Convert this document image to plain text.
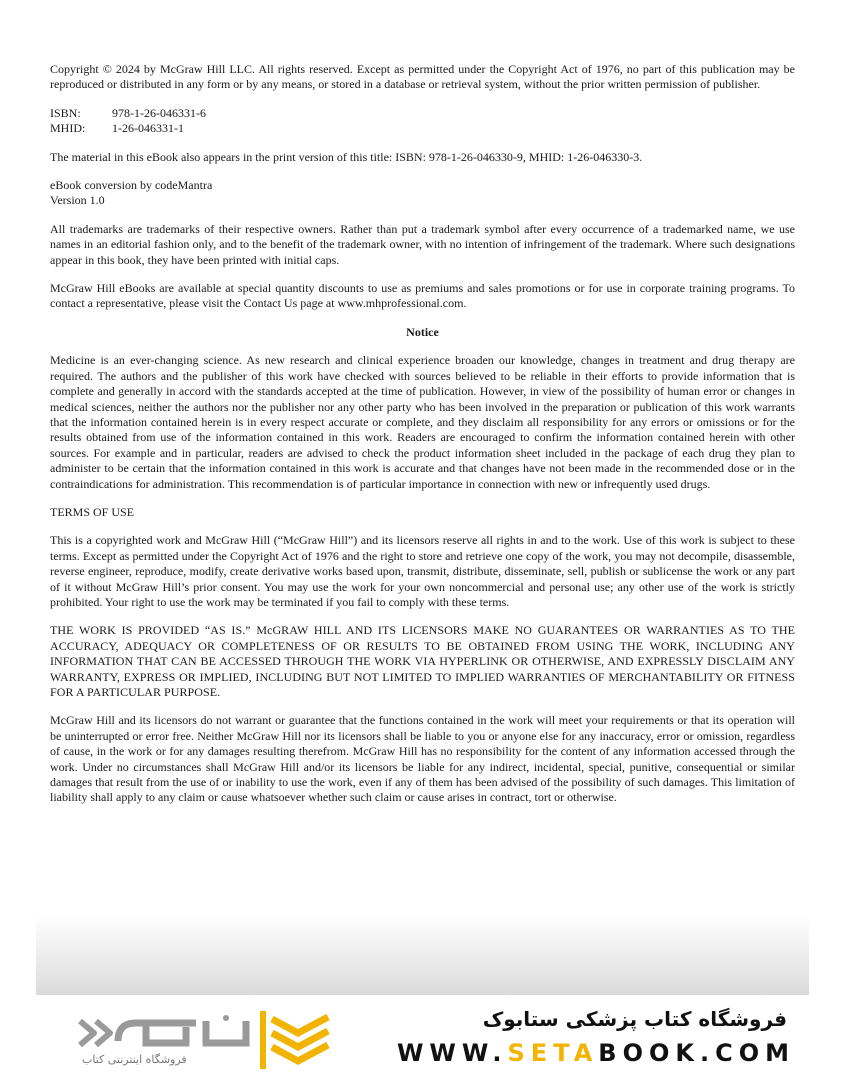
Copyright © 2024 by McGraw Hill LLC. All rights reserved. Except as permitted under the Copyright Act of 1976, no part of this publication may be reproduced or distributed in any form or by any means, or stored in a database or retrieval system, without the prior written permission of publisher.

ISBN:	978-1-26-046331-6
MHID:	1-26-046331-1

The material in this eBook also appears in the print version of this title: ISBN: 978-1-26-046330-9, MHID: 1-26-046330-3.

eBook conversion by codeMantra

Version 1.0

All trademarks are trademarks of their respective owners. Rather than put a trademark symbol after every occurrence of a trademarked name, we use names in an editorial fashion only, and to the benefit of the trademark owner, with no intention of infringement of the trademark. Where such designations appear in this book, they have been printed with initial caps.

McGraw Hill eBooks are available at special quantity discounts to use as premiums and sales promotions or for use in corporate training programs. To contact a representative, please visit the Contact Us page at www.mhprofessional.com.

Notice

Medicine is an ever-changing science. As new research and clinical experience broaden our knowledge, changes in treatment and drug therapy are required. The authors and the publisher of this work have checked with sources believed to be reliable in their efforts to provide information that is complete and generally in accord with the standards accepted at the time of publication. However, in view of the possibility of human error or changes in medical sciences, neither the authors nor the publisher nor any other party who has been involved in the preparation or publication of this work warrants that the information contained herein is in every respect accurate or complete, and they disclaim all responsibility for any errors or omissions or for the results obtained from use of the information contained in this work. Readers are encouraged to confirm the information contained herein with other sources. For example and in particular, readers are advised to check the product information sheet included in the package of each drug they plan to administer to be certain that the information contained in this work is accurate and that changes have not been made in the recommended dose or in the contraindications for administration. This recommendation is of particular importance in connection with new or infrequently used drugs.

TERMS OF USE

This is a copyrighted work and McGraw Hill (“McGraw Hill”) and its licensors reserve all rights in and to the work. Use of this work is subject to these terms. Except as permitted under the Copyright Act of 1976 and the right to store and retrieve one copy of the work, you may not decompile, disassemble, reverse engineer, reproduce, modify, create derivative works based upon, transmit, distribute, disseminate, sell, publish or sublicense the work or any part of it without McGraw Hill’s prior consent. You may use the work for your own noncommercial and personal use; any other use of the work is strictly prohibited. Your right to use the work may be terminated if you fail to comply with these terms.

THE WORK IS PROVIDED “AS IS.” McGRAW HILL AND ITS LICENSORS MAKE NO GUARANTEES OR WARRANTIES AS TO THE ACCURACY, ADEQUACY OR COMPLETENESS OF OR RESULTS TO BE OBTAINED FROM USING THE WORK, INCLUDING ANY INFORMATION THAT CAN BE ACCESSED THROUGH THE WORK VIA HYPERLINK OR OTHERWISE, AND EXPRESSLY DISCLAIM ANY WARRANTY, EXPRESS OR IMPLIED, INCLUDING BUT NOT LIMITED TO IMPLIED WARRANTIES OF MERCHANTABILITY OR FITNESS FOR A PARTICULAR PURPOSE.

McGraw Hill and its licensors do not warrant or guarantee that the functions contained in the work will meet your requirements or that its operation will be uninterrupted or error free. Neither McGraw Hill nor its licensors shall be liable to you or anyone else for any inaccuracy, error or omission, regardless of cause, in the work or for any damages resulting therefrom. McGraw Hill has no responsibility for the content of any information accessed through the work. Under no circumstances shall McGraw Hill and/or its licensors be liable for any indirect, incidental, special, punitive, consequential or similar damages that result from the use of or inability to use the work, even if any of them has been advised of the possibility of such damages. This limitation of liability shall apply to any claim or cause whatsoever whether such claim or cause arises in contract, tort or otherwise.

فروشگاه اینترنتی کتاب
فروشگاه کتاب پزشکی ستابوک
WWW.SETABOOK.COM
